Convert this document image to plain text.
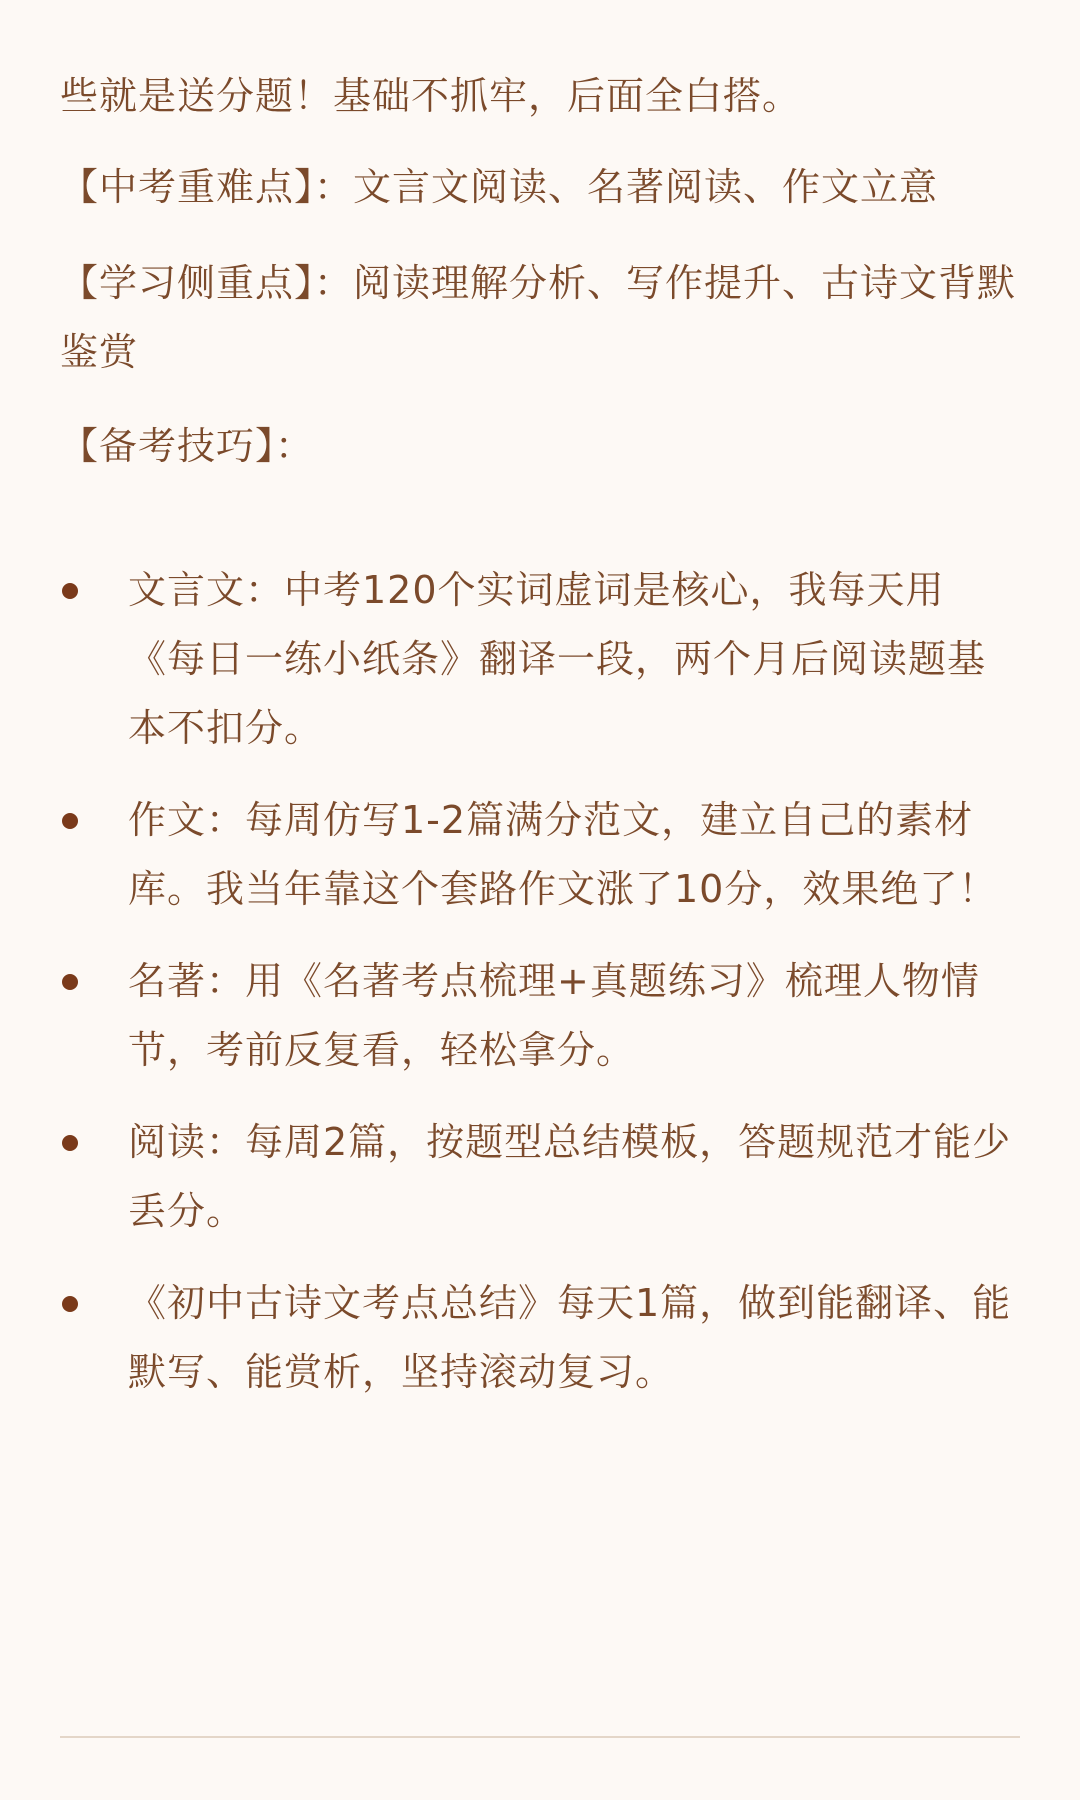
些就是送分题！基础不抓牢，后面全白搭。

【中考重难点】：文言文阅读、名著阅读、作文立意

【学习侧重点】：阅读理解分析、写作提升、古诗文背默鉴赏

【备考技巧】：

文言文：中考120个实词虚词是核心，我每天用《每日一练小纸条》翻译一段，两个月后阅读题基本不扣分。
作文：每周仿写1-2篇满分范文，建立自己的素材库。我当年靠这个套路作文涨了10分，效果绝了！
名著：用《名著考点梳理+真题练习》梳理人物情节，考前反复看，轻松拿分。
阅读：每周2篇，按题型总结模板，答题规范才能少丢分。
《初中古诗文考点总结》每天1篇，做到能翻译、能默写、能赏析，坚持滚动复习。
